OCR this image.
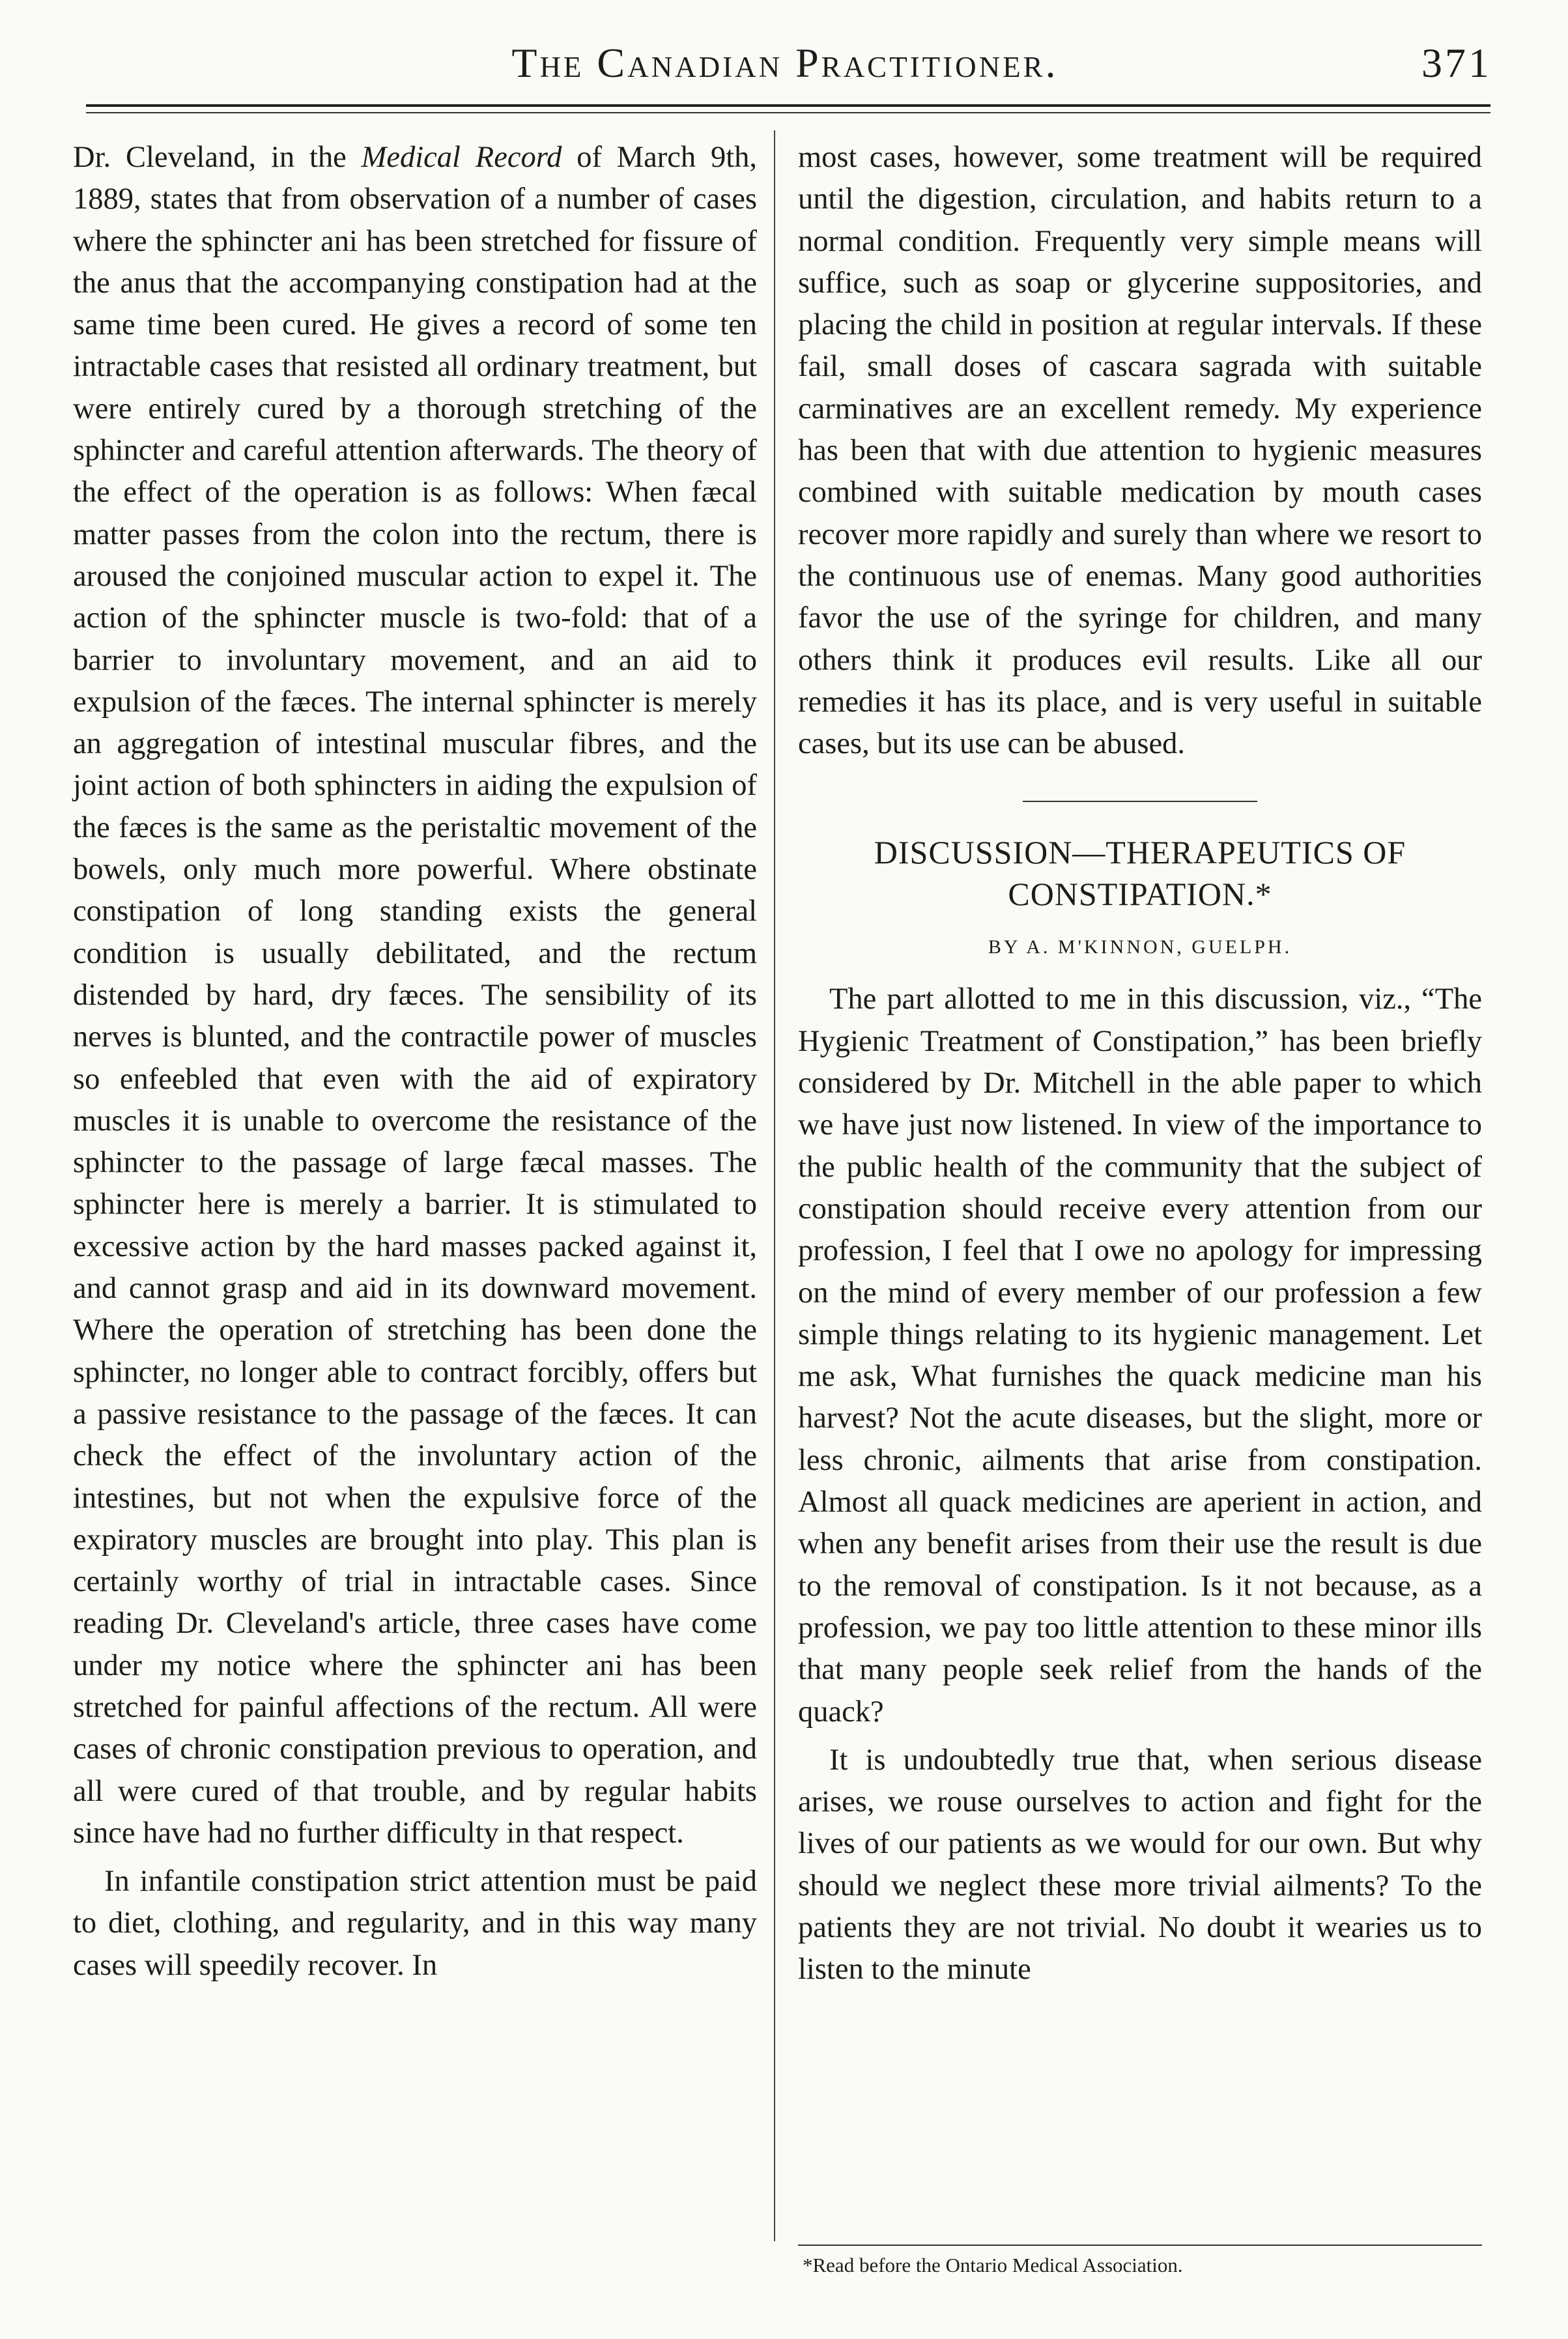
The Canadian Practitioner.	371

Dr. Cleveland, in the Medical Record of March 9th, 1889, states that from observation of a number of cases where the sphincter ani has been stretched for fissure of the anus that the accompanying constipation had at the same time been cured. He gives a record of some ten intractable cases that resisted all ordinary treatment, but were entirely cured by a thorough stretching of the sphincter and careful attention afterwards. The theory of the effect of the operation is as follows: When fæcal matter passes from the colon into the rectum, there is aroused the conjoined muscular action to expel it. The action of the sphincter muscle is two-fold: that of a barrier to involuntary movement, and an aid to expulsion of the fæces. The internal sphincter is merely an aggregation of intestinal muscular fibres, and the joint action of both sphincters in aiding the expulsion of the fæces is the same as the peristaltic movement of the bowels, only much more powerful. Where obstinate constipation of long standing exists the general condition is usually debilitated, and the rectum distended by hard, dry fæces. The sensibility of its nerves is blunted, and the contractile power of muscles so enfeebled that even with the aid of expiratory muscles it is unable to overcome the resistance of the sphincter to the passage of large fæcal masses. The sphincter here is merely a barrier. It is stimulated to excessive action by the hard masses packed against it, and cannot grasp and aid in its downward movement. Where the operation of stretching has been done the sphincter, no longer able to contract forcibly, offers but a passive resistance to the passage of the fæces. It can check the effect of the involuntary action of the intestines, but not when the expulsive force of the expiratory muscles are brought into play. This plan is certainly worthy of trial in intractable cases. Since reading Dr. Cleveland's article, three cases have come under my notice where the sphincter ani has been stretched for painful affections of the rectum. All were cases of chronic constipation previous to operation, and all were cured of that trouble, and by regular habits since have had no further difficulty in that respect.

In infantile constipation strict attention must be paid to diet, clothing, and regularity, and in this way many cases will speedily recover. In

most cases, however, some treatment will be required until the digestion, circulation, and habits return to a normal condition. Frequently very simple means will suffice, such as soap or glycerine suppositories, and placing the child in position at regular intervals. If these fail, small doses of cascara sagrada with suitable carminatives are an excellent remedy. My experience has been that with due attention to hygienic measures combined with suitable medication by mouth cases recover more rapidly and surely than where we resort to the continuous use of enemas. Many good authorities favor the use of the syringe for children, and many others think it produces evil results. Like all our remedies it has its place, and is very useful in suitable cases, but its use can be abused.

DISCUSSION—THERAPEUTICS OF CONSTIPATION.*
BY A. M'KINNON, GUELPH.

The part allotted to me in this discussion, viz., “The Hygienic Treatment of Constipation,” has been briefly considered by Dr. Mitchell in the able paper to which we have just now listened. In view of the importance to the public health of the community that the subject of constipation should receive every attention from our profession, I feel that I owe no apology for impressing on the mind of every member of our profession a few simple things relating to its hygienic management. Let me ask, What furnishes the quack medicine man his harvest? Not the acute diseases, but the slight, more or less chronic, ailments that arise from constipation. Almost all quack medicines are aperient in action, and when any benefit arises from their use the result is due to the removal of constipation. Is it not because, as a profession, we pay too little attention to these minor ills that many people seek relief from the hands of the quack?

It is undoubtedly true that, when serious disease arises, we rouse ourselves to action and fight for the lives of our patients as we would for our own. But why should we neglect these more trivial ailments? To the patients they are not trivial. No doubt it wearies us to listen to the minute

*Read before the Ontario Medical Association.
